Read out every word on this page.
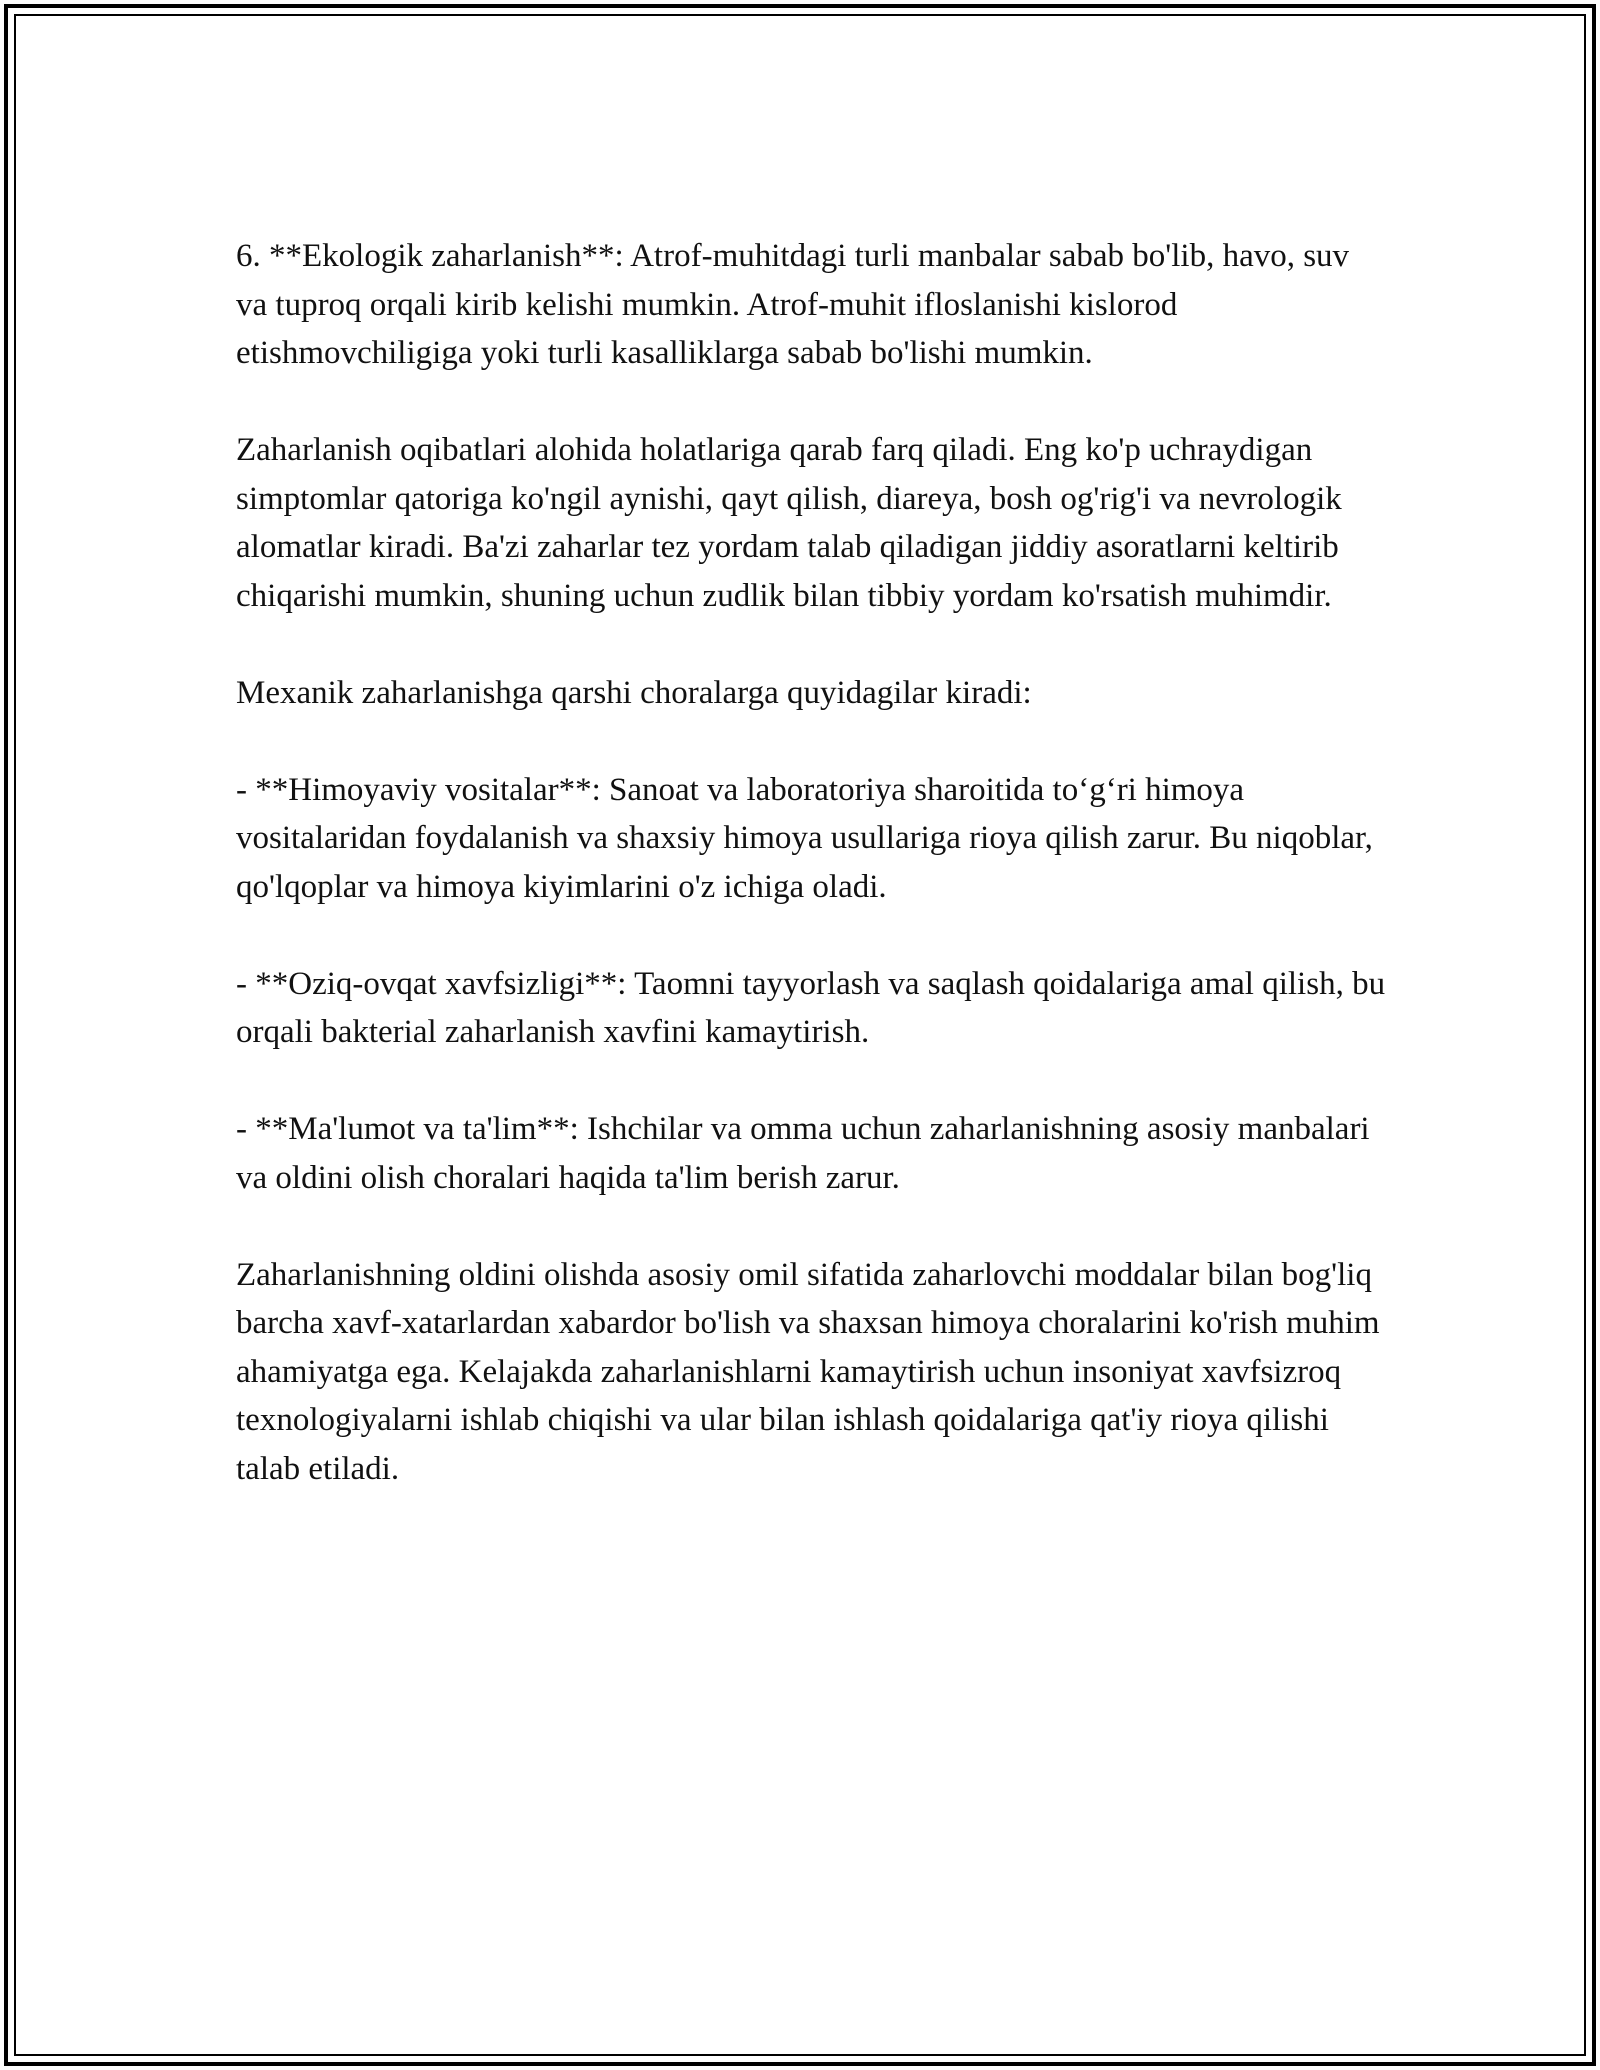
6. **Ekologik zaharlanish**: Atrof-muhitdagi turli manbalar sabab bo'lib, havo, suv va tuproq orqali kirib kelishi mumkin. Atrof-muhit ifloslanishi kislorod etishmovchiligiga yoki turli kasalliklarga sabab bo'lishi mumkin.

Zaharlanish oqibatlari alohida holatlariga qarab farq qiladi. Eng ko'p uchraydigan simptomlar qatoriga ko'ngil aynishi, qayt qilish, diareya, bosh og'rig'i va nevrologik alomatlar kiradi. Ba'zi zaharlar tez yordam talab qiladigan jiddiy asoratlarni keltirib chiqarishi mumkin, shuning uchun zudlik bilan tibbiy yordam ko'rsatish muhimdir.

Mexanik zaharlanishga qarshi choralarga quyidagilar kiradi:

- **Himoyaviy vositalar**: Sanoat va laboratoriya sharoitida to‘g‘ri himoya vositalaridan foydalanish va shaxsiy himoya usullariga rioya qilish zarur. Bu niqoblar, qo'lqoplar va himoya kiyimlarini o'z ichiga oladi.

- **Oziq-ovqat xavfsizligi**: Taomni tayyorlash va saqlash qoidalariga amal qilish, bu orqali bakterial zaharlanish xavfini kamaytirish.

- **Ma'lumot va ta'lim**: Ishchilar va omma uchun zaharlanishning asosiy manbalari va oldini olish choralari haqida ta'lim berish zarur.

Zaharlanishning oldini olishda asosiy omil sifatida zaharlovchi moddalar bilan bog'liq barcha xavf-xatarlardan xabardor bo'lish va shaxsan himoya choralarini ko'rish muhim ahamiyatga ega. Kelajakda zaharlanishlarni kamaytirish uchun insoniyat xavfsizroq texnologiyalarni ishlab chiqishi va ular bilan ishlash qoidalariga qat'iy rioya qilishi talab etiladi.
